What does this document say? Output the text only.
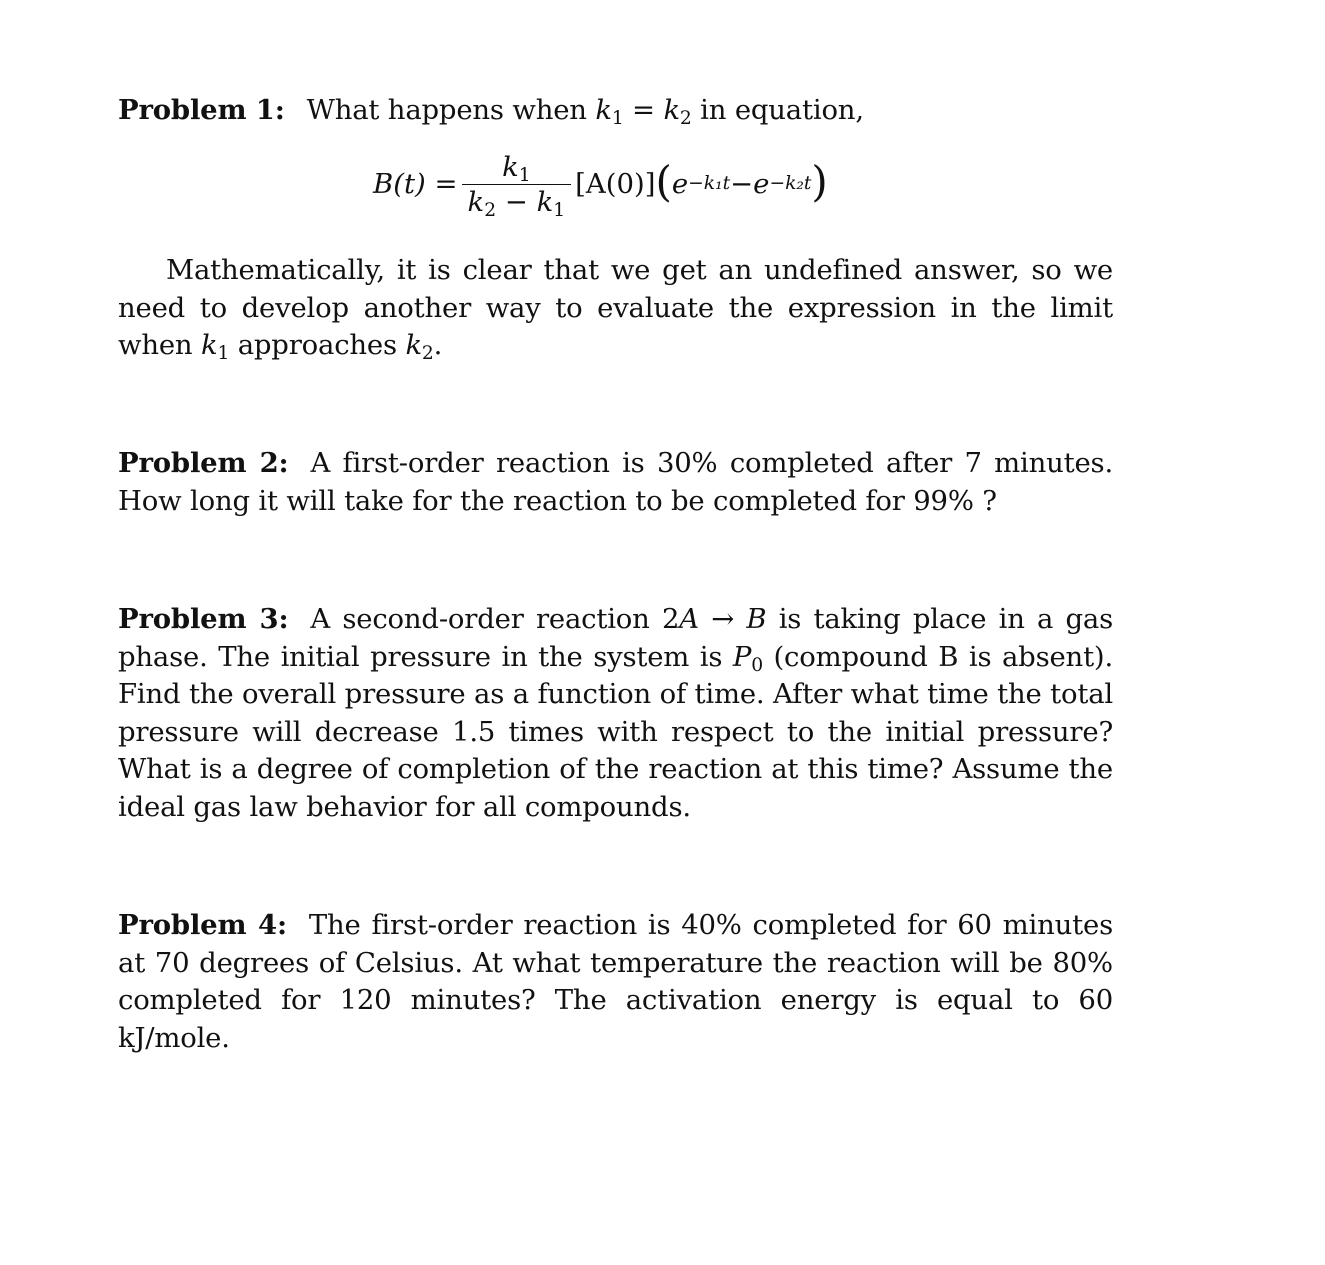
Problem 1: What happens when $k_1 = k_2$ in equation,

$B(t) = \frac{k_1}{k_2 - k_1} [A(0)]$ ( e −k₁t − e −k₂t )

Mathematically, it is clear that we get an undefined answer, so we need to develop another way to evaluate the expression in the limit when $k_1$ approaches $k_2$.

Problem 2: A first-order reaction is 30% completed after 7 minutes. How long it will take for the reaction to be completed for 99% ?

Problem 3: A second-order reaction 2A → B is taking place in a gas phase. The initial pressure in the system is $P_0$ (compound B is absent). Find the overall pressure as a function of time. After what time the total pressure will decrease 1.5 times with respect to the initial pressure? What is a degree of completion of the reaction at this time? Assume the ideal gas law behavior for all compounds.

Problem 4: The first-order reaction is 40% completed for 60 minutes at 70 degrees of Celsius. At what temperature the reaction will be 80% completed for 120 minutes? The activation energy is equal to 60 kJ/mole.
